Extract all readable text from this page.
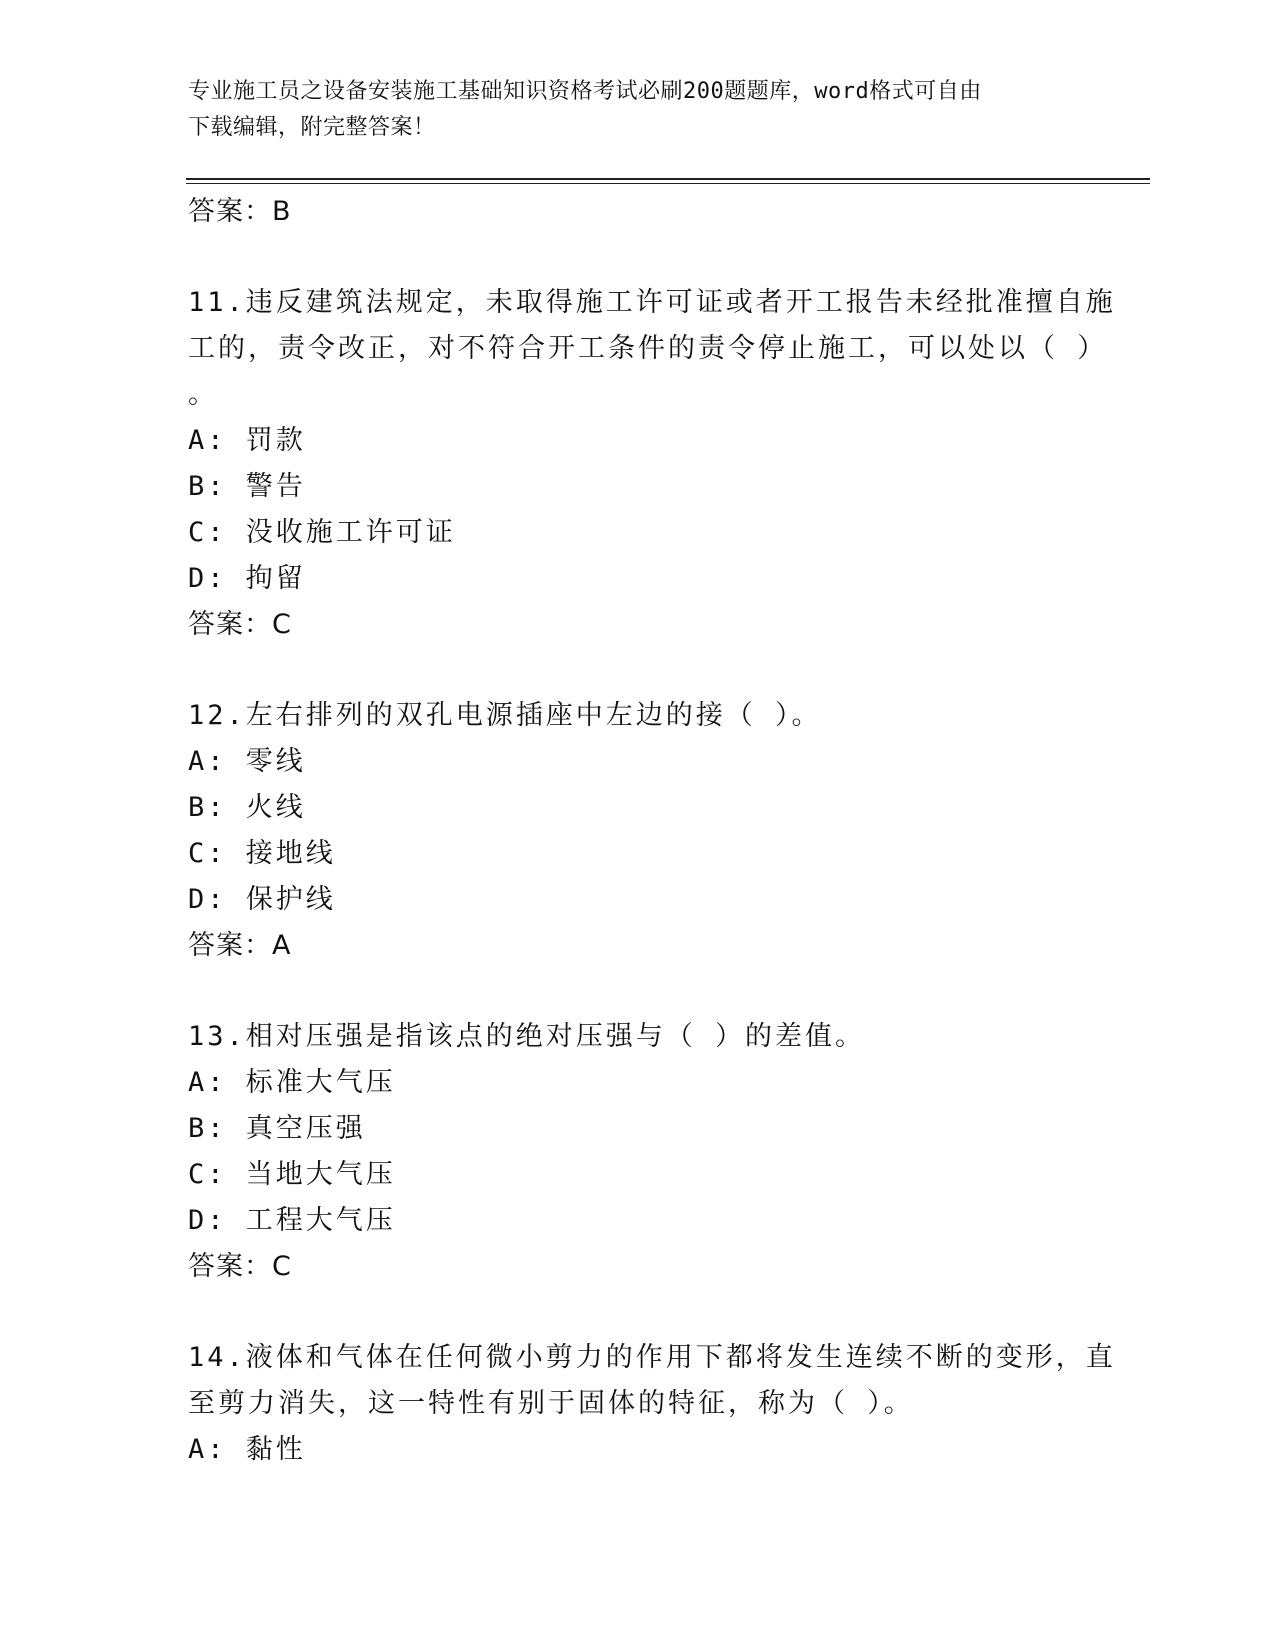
专业施工员之设备安装施工基础知识资格考试必刷200题题库，word格式可自由
下载编辑，附完整答案！
答案：B
11.违反建筑法规定，未取得施工许可证或者开工报告未经批准擅自施
工的，责令改正，对不符合开工条件的责令停止施工，可以处以（ ）
。
A: 罚款
B: 警告
C: 没收施工许可证
D: 拘留
答案：C
12.左右排列的双孔电源插座中左边的接（ ）。
A: 零线
B: 火线
C: 接地线
D: 保护线
答案：A
13.相对压强是指该点的绝对压强与（ ）的差值。
A: 标准大气压
B: 真空压强
C: 当地大气压
D: 工程大气压
答案：C
14.液体和气体在任何微小剪力的作用下都将发生连续不断的变形，直
至剪力消失，这一特性有别于固体的特征，称为（ ）。
A: 黏性
